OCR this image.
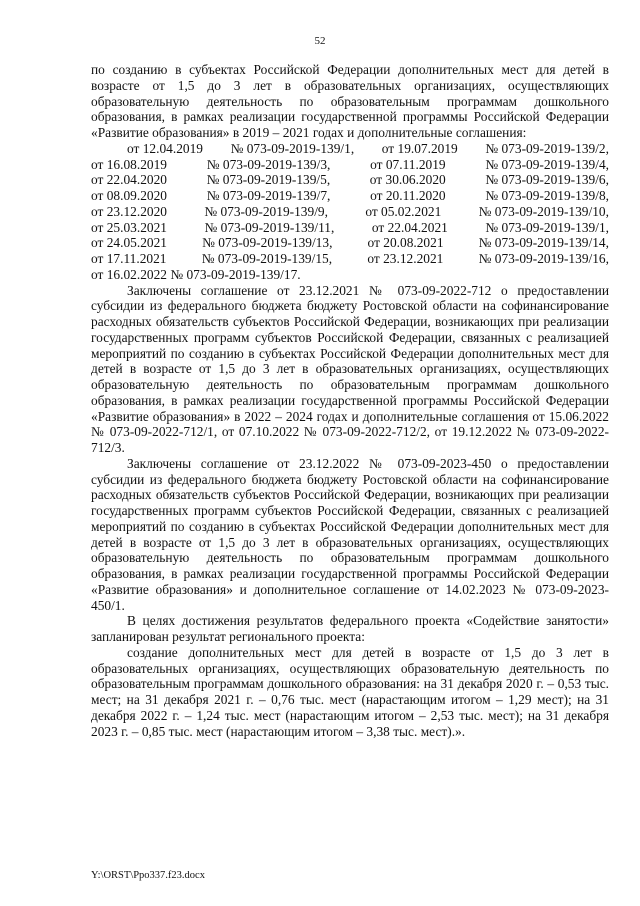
52

по созданию в субъектах Российской Федерации дополнительных мест для детей в возрасте от 1,5 до 3 лет в образовательных организациях, осуществляющих образовательную деятельность по образовательным программам дошкольного образования, в рамках реализации государственной программы Российской Федерации «Развитие образования» в 2019 – 2021 годах и дополнительные соглашения:

от 12.04.2019 № 073-09-2019-139/1, от 19.07.2019 № 073-09-2019-139/2,
от 16.08.2019	№ 073-09-2019-139/3,	от 07.11.2019	№ 073-09-2019-139/4,
от 22.04.2020	№ 073-09-2019-139/5,	от 30.06.2020	№ 073-09-2019-139/6,
от 08.09.2020	№ 073-09-2019-139/7,	от 20.11.2020	№ 073-09-2019-139/8,
от 23.12.2020	№ 073-09-2019-139/9,	от 05.02.2021	№ 073-09-2019-139/10,
от 25.03.2021	№ 073-09-2019-139/11,	от 22.04.2021	№ 073-09-2019-139/1,
от 24.05.2021	№ 073-09-2019-139/13,	от 20.08.2021	№ 073-09-2019-139/14,
от 17.11.2021	№ 073-09-2019-139/15,	от 23.12.2021	№ 073-09-2019-139/16,
от 16.02.2022 № 073-09-2019-139/17.

Заключены соглашение от 23.12.2021 № 073-09-2022-712 о предоставлении субсидии из федерального бюджета бюджету Ростовской области на софинансирование расходных обязательств субъектов Российской Федерации, возникающих при реализации государственных программ субъектов Российской Федерации, связанных с реализацией мероприятий по созданию в субъектах Российской Федерации дополнительных мест для детей в возрасте от 1,5 до 3 лет в образовательных организациях, осуществляющих образовательную деятельность по образовательным программам дошкольного образования, в рамках реализации государственной программы Российской Федерации «Развитие образования» в 2022 – 2024 годах и дополнительные соглашения от 15.06.2022 № 073-09-2022-712/1, от 07.10.2022 № 073-09-2022-712/2, от 19.12.2022 № 073-09-2022-712/3.

Заключены соглашение от 23.12.2022 № 073-09-2023-450 о предоставлении субсидии из федерального бюджета бюджету Ростовской области на софинансирование расходных обязательств субъектов Российской Федерации, возникающих при реализации государственных программ субъектов Российской Федерации, связанных с реализацией мероприятий по созданию в субъектах Российской Федерации дополнительных мест для детей в возрасте от 1,5 до 3 лет в образовательных организациях, осуществляющих образовательную деятельность по образовательным программам дошкольного образования, в рамках реализации государственной программы Российской Федерации «Развитие образования» и дополнительное соглашение от 14.02.2023 № 073-09-2023-450/1.

В целях достижения результатов федерального проекта «Содействие занятости» запланирован результат регионального проекта:

создание дополнительных мест для детей в возрасте от 1,5 до 3 лет в образовательных организациях, осуществляющих образовательную деятельность по образовательным программам дошкольного образования: на 31 декабря 2020 г. – 0,53 тыс. мест; на 31 декабря 2021 г. – 0,76 тыс. мест (нарастающим итогом – 1,29 мест); на 31 декабря 2022 г. – 1,24 тыс. мест (нарастающим итогом – 2,53 тыс. мест); на 31 декабря 2023 г. – 0,85 тыс. мест (нарастающим итогом – 3,38 тыс. мест).».

Y:\ORST\Ppo337.f23.docx
